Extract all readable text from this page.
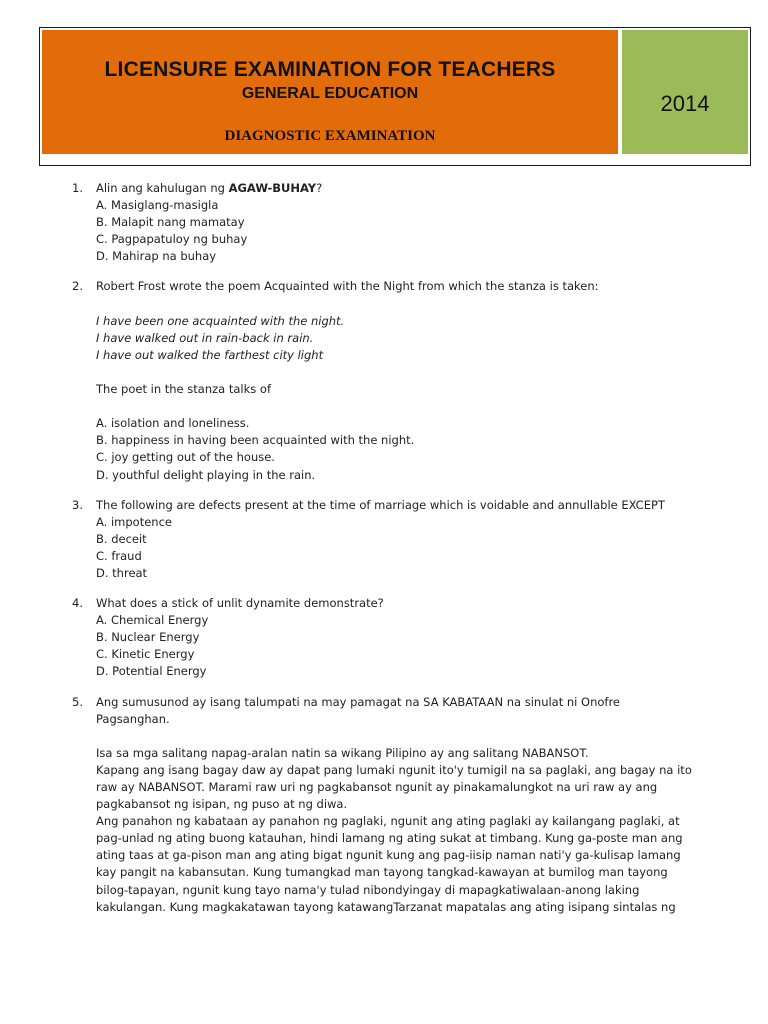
LICENSURE EXAMINATION FOR TEACHERS
GENERAL EDUCATION
DIAGNOSTIC EXAMINATION
2014
1. Alin ang kahulugan ng AGAW-BUHAY?
A. Masiglang-masigla
B. Malapit nang mamatay
C. Pagpapatuloy ng buhay
D. Mahirap na buhay
2. Robert Frost wrote the poem Acquainted with the Night from which the stanza is taken:
I have been one acquainted with the night.
I have walked out in rain-back in rain.
I have out walked the farthest city light
The poet in the stanza talks of
A. isolation and loneliness.
B. happiness in having been acquainted with the night.
C. joy getting out of the house.
D. youthful delight playing in the rain.
3. The following are defects present at the time of marriage which is voidable and annullable EXCEPT
A. impotence
B. deceit
C. fraud
D. threat
4. What does a stick of unlit dynamite demonstrate?
A. Chemical Energy
B. Nuclear Energy
C. Kinetic Energy
D. Potential Energy
5. Ang sumusunod ay isang talumpati na may pamagat na SA KABATAAN na sinulat ni Onofre
Pagsanghan.
Isa sa mga salitang napag-aralan natin sa wikang Pilipino ay ang salitang NABANSOT.
Kapang ang isang bagay daw ay dapat pang lumaki ngunit ito'y tumigil na sa paglaki, ang bagay na ito
raw ay NABANSOT. Marami raw uri ng pagkabansot ngunit ay pinakamalungkot na uri raw ay ang
pagkabansot ng isipan, ng puso at ng diwa.
Ang panahon ng kabataan ay panahon ng paglaki, ngunit ang ating paglaki ay kailangang paglaki, at
pag-unlad ng ating buong katauhan, hindi lamang ng ating sukat at timbang. Kung ga-poste man ang
ating taas at ga-pison man ang ating bigat ngunit kung ang pag-iisip naman nati'y ga-kulisap lamang
kay pangit na kabansutan. Kung tumangkad man tayong tangkad-kawayan at bumilog man tayong
bilog-tapayan, ngunit kung tayo nama'y tulad nibondyingay di mapagkatiwalaan-anong laking
kakulangan. Kung magkakatawan tayong katawangTarzanat mapatalas ang ating isipang sintalas ng
